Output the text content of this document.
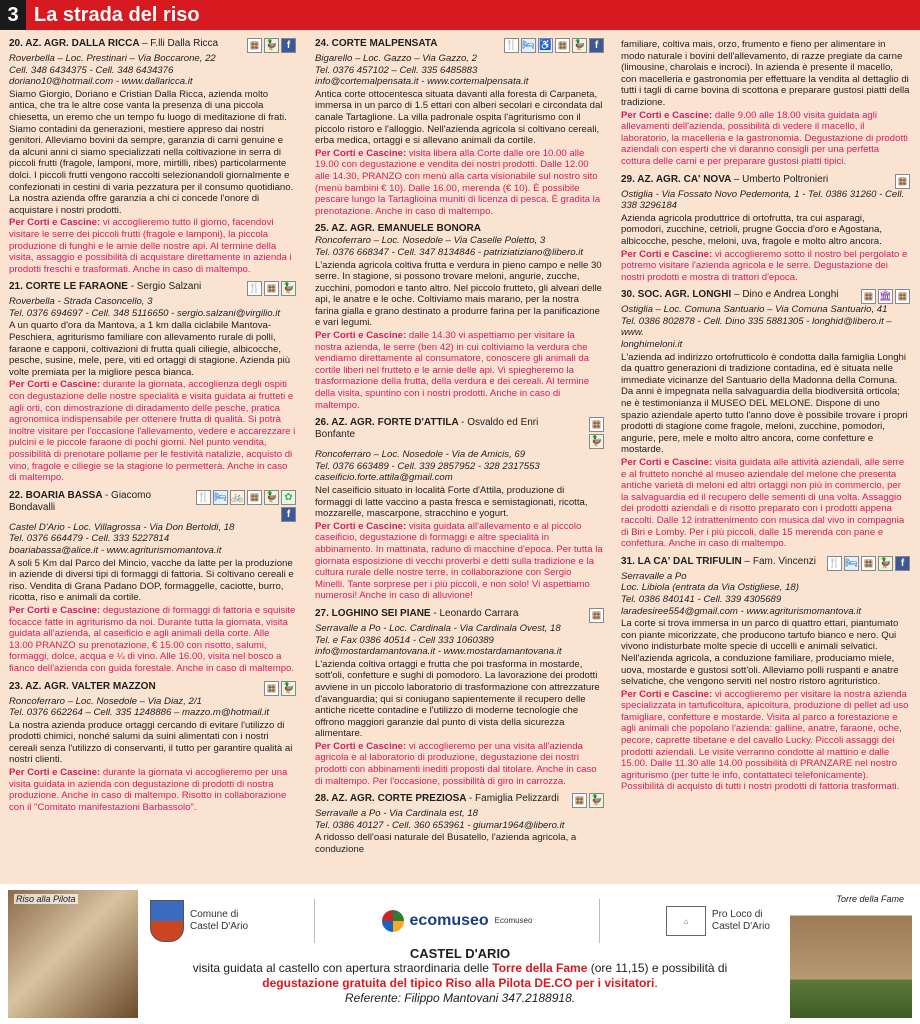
3 La strada del riso
20. AZ. AGR. DALLA RICCA – F.lli Dalla Ricca	▦ 🦆 f
Roverbella – Loc. Prestinari – Via Boccarone, 22
Cell. 348 6434375 - Cell. 348 6434376
doriano10@hotmail.com - www.dallaricca.it
Siamo Giorgio, Doriano e Cristian Dalla Ricca, azienda molto antica, che tra le altre cose vanta la presenza di una piccola chiesetta, un eremo che un tempo fu luogo di meditazione di frati. Siamo contadini da generazioni, mestiere appreso dai nostri genitori. Alleviamo bovini da sempre, garanzia di carni genuine e da alcuni anni ci siamo specializzati nella coltivazione in serra di piccoli frutti (fragole, lamponi, more, mirtilli, ribes) particolarmente dolci. I piccoli frutti vengono raccolti selezionandoli giornalmente e confezionati in cestini di varia pezzatura per il consumo quotidiano. La nostra azienda offre garanzia a chi ci concede l'onore di acquistare i nostri prodotti.
Per Corti e Cascine: vi accoglieremo tutto il giorno, facendovi visitare le serre dei piccoli frutti (fragole e lamponi), la piccola produzione di funghi e le arnie delle nostre api. Al termine della visita, assaggio e possibilità di acquistare direttamente in azienda i prodotti freschi e trasformati. Anche in caso di maltempo.
21. CORTE LE FARAONE - Sergio Salzani	🍴 ▦ 🦆
Roverbella - Strada Casoncello, 3
Tel. 0376 694697 - Cell. 348 5116650 - sergio.salzani@virgilio.it
A un quarto d'ora da Mantova, a 1 km dalla ciclabile Mantova-Peschiera, agriturismo familiare con allevamento rurale di polli, faraone e capponi, coltivazioni di frutta quali ciliegie, albicocche, pesche, susine, mele, pere, viti ed ortaggi di stagione. Azienda più volte premiata per la migliore pesca bianca.
Per Corti e Cascine: durante la giornata, accoglienza degli ospiti con degustazione delle nostre specialità e visita guidata ai frutteti e agli orti, con dimostrazione di diradamento delle pesche, pratica agronomica indispensabile per ottenere frutta di qualità. Si potrà inoltre visitare per l'occasione l'allevamento, vedere e accarezzare i pulcini e le piccole faraone di pochi giorni. Nel punto vendita, possibilità di prenotare pollame per le festività natalizie, acquisto di vino, fragole e ciliegie se la stagione lo permetterà. Anche in caso di maltempo.
22. BOARIA BASSA - Giacomo Bondavalli
🍴 🛏 🚲 ▦ 🦆 ✿
f
Castel D'Ario - Loc. Villagrossa - Via Don Bertoldi, 18
Tel. 0376 664479 - Cell. 333 5227814
boariabassa@alice.it - www.agriturismomantova.it
A soli 5 Km dal Parco del Mincio, vacche da latte per la produzione in aziende di diversi tipi di formaggi di fattoria. Si coltivano cereali e riso. Vendita di Grana Padano DOP, formaggelle, caciotte, burro, ricotta, riso e animali da cortile.
Per Corti e Cascine: degustazione di formaggi di fattoria e squisite focacce fatte in agriturismo da noi. Durante tutta la giornata, visita guidata all'azienda, al caseificio e agli animali della corte. Alle 13.00 PRANZO su prenotazione, € 15.00 con risotto, salumi, formaggi, dolce, acqua e ¼ di vino. Alle 16.00, visita nel bosco a fianco dell'azienda con guida forestale. Anche in caso di maltempo.
23. AZ. AGR. VALTER MAZZON	▦ 🦆
Roncoferraro – Loc. Nosedole – Via Diaz, 2/1
Tel. 0376 662264 – Cell. 335 1248886 – mazzo.m@hotmail.it
La nostra azienda produce ortaggi cercando di evitare l'utilizzo di prodotti chimici, nonché salumi da suini alimentati con i nostri cereali senza l'utilizzo di conservanti, il tutto per garantire qualità ai nostri clienti.
Per Corti e Cascine: durante la giornata vi accoglieremo per una visita guidata in azienda con degustazione di prodotti di nostra produzione. Anche in caso di maltempo. Risotto in collaborazione con il "Comitato manifestazioni Barbassolo".
24. CORTE MALPENSATA	🍴 🛏 ♿ ▦ 🦆 f
Bigarello – Loc. Gazzo – Via Gazzo, 2
Tel. 0376 457102 – Cell. 335 6485883
info@cortemalpensata.it - www.cortemalpensata.it
Antica corte ottocentesca situata davanti alla foresta di Carpaneta, immersa in un parco di 1.5 ettari con alberi secolari e circondata dal canale Tartaglione. La villa padronale ospita l'agriturismo con il piccolo ristoro e l'alloggio. Nell'azienda agricola si coltivano cereali, erba medica, ortaggi e si allevano animali da cortile.
Per Corti e Cascine: visita libera alla Corte dalle ore 10.00 alle 19.00 con degustazione e vendita dei nostri prodotti. Dalle 12.00 alle 14.30, PRANZO con menù alla carta visionabile sul nostro sito (menù bambini € 10). Dalle 16.00, merenda (€ 10). È possibile pescare lungo la Tartaglioina muniti di licenza di pesca. È gradita la prenotazione. Anche in caso di maltempo.
25. AZ. AGR. EMANUELE BONORA
Roncoferraro – Loc. Nosedole – Via Caselle Poletto, 3
Tel. 0376 668347 - Cell. 347 8134846 - patriziatiziano@libero.it
L'azienda agricola coltiva frutta e verdura in pieno campo e nelle 30 serre. In stagione, si possono trovare meloni, angurie, zucche, zucchini, pomodori e tanto altro. Nel piccolo frutteto, gli alveari delle api, le anatre e le oche. Coltiviamo mais marano, per la nostra farina gialla e grano destinato a produrre farina per la panificazione e vari legumi.
Per Corti e Cascine: dalle 14.30 vi aspettiamo per visitare la nostra azienda, le serre (ben 42) in cui coltiviamo la verdura che vendiamo direttamente al consumatore, conoscere gli animali da cortile liberi nel frutteto e le arnie delle api. Vi spiegheremo la trasformazione della frutta, della verdura e dei cereali. Al termine della visita, spuntino con i nostri prodotti. Anche in caso di maltempo.
26. AZ. AGR. FORTE D'ATTILA - Osvaldo ed Enri Bonfante
▦
🦆
Roncoferraro – Loc. Nosedole - Via de Amicis, 69
Tel. 0376 663489 - Cell. 339 2857952 - 328 2317553
caseificio.forte.attila@gmail.com
Nel caseificio situato in località Forte d'Attila, produzione di formaggi di latte vaccino a pasta fresca e semistagionati, ricotta, mozzarelle, mascarpone, stracchino e yogurt.
Per Corti e Cascine: visita guidata all'allevamento e al piccolo caseificio, degustazione di formaggi e altre specialità in abbinamento. In mattinata, raduno di macchine d'epoca. Per tutta la giornata esposizione di vecchi proverbi e detti sulla tradizione e la cultura rurale delle nostre terre, in collaborazione con Sergio Minelli. Tante sorprese per i più piccoli, e non solo! Vi aspettiamo numerosi! Anche in caso di alluvione!
27. LOGHINO SEI PIANE - Leonardo Carrara	▦
Serravalle a Po - Loc. Cardinala - Via Cardinala Ovest, 18
Tel. e Fax 0386 40514 - Cell 333 1060389
info@mostardamantovana.it - www.mostardamantovana.it
L'azienda coltiva ortaggi e frutta che poi trasforma in mostarde, sott'oli, confetture e sughi di pomodoro. La lavorazione dei prodotti avviene in un piccolo laboratorio di trasformazione con attrezzature d'avanguardia; qui si coniugano sapientemente il recupero delle antiche ricette contadine e l'utilizzo di moderne tecnologie che offrono maggiori garanzie dal punto di vista della sicurezza alimentare.
Per Corti e Cascine: vi accoglieremo per una visita all'azienda agricola e al laboratorio di produzione, degustazione dei nostri prodotti con abbinamenti inediti proposti dal titolare. Anche in caso di maltempo. Per l'occasione, possibilità di giro in carrozza.
28. AZ. AGR. CORTE PREZIOSA - Famiglia Pelizzardi ▦ 🦆
Serravalle a Po - Via Cardinala est, 18
Tel. 0386 40127 - Cell. 360 653961 - giumar1964@libero.it
A ridosso dell'oasi naturale del Busatello, l'azienda agricola, a conduzione
familiare, coltiva mais, orzo, frumento e fieno per alimentare in modo naturale i bovini dell'allevamento, di razze pregiate da carne (limousine, charolais e incroci). In azienda è presente il macello, con macelleria e gastronomia per effettuare la vendita al dettaglio di tutti i tagli di carne bovina di scottona e preparare gustosi piatti della tradizione.
Per Corti e Cascine: dalle 9.00 alle 18.00 visita guidata agli allevamenti dell'azienda, possibilità di vedere il macello, il laboratorio, la macelleria e la gastronomia. Degustazione di prodotti aziendali con esperti che vi daranno consigli per una perfetta cottura delle carni e per preparare gustosi piatti tipici.
29. AZ. AGR. CA' NOVA – Umberto Poltronieri	▦
Ostiglia - Via Fossato Novo Pedemonta, 1 - Tel. 0386 31260 - Cell. 338 3296184
Azienda agricola produttrice di ortofrutta, tra cui asparagi, pomodori, zucchine, cetrioli, prugne Goccia d'oro e Agostana, albicocche, pesche, meloni, uva, fragole e molto altro ancora.
Per Corti e Cascine: vi accoglieremo sotto il nostro bel pergolato e potremo visitare l'azienda agricola e le serre. Degustazione dei nostri prodotti e mostra di trattori d'epoca.
30. SOC. AGR. LONGHI – Dino e Andrea Longhi	▦ 🏛 ▦
Ostiglia – Loc. Comuna Santuario – Via Comuna Santuario, 41
Tel. 0386 802878 - Cell. Dino 335 5881305 - longhid@libero.it – www.
longhimeloni.it
L'azienda ad indirizzo ortofrutticolo è condotta dalla famiglia Longhi da quattro generazioni di tradizione contadina, ed è situata nelle immediate vicinanze del Santuario della Madonna della Comuna. Da anni è impegnata nella salvaguardia della biodiversità orticola; ne è testimonianza il MUSEO DEL MELONE. Dispone di uno spazio aziendale aperto tutto l'anno dove è possibile trovare i propri prodotti di stagione come fragole, meloni, zucchine, pomodori, angurie, pere, mele e molto altro ancora, come confetture e mostarde.
Per Corti e Cascine: visita guidata alle attività aziendali, alle serre e al frutteto nonché al museo aziendale del melone che presenta antiche varietà di meloni ed altri ortaggi non più in commercio, per la salvaguardia ed il recupero delle sementi di una volta. Assaggio dei prodotti aziendali e di risotto preparato con i prodotti appena raccolti. Dalle 12 intrattenimento con musica dal vivo in compagnia di Biri e Lomby. Per i più piccoli, dalle 15 merenda con pane e confettura. Anche in caso di maltempo.
31. LA CA' DAL TRIFULIN – Fam. Vincenzi 🍴 🛏 ▦ 🦆 f
Serravalle a Po
Loc. Libiola (entrata da Via Ostigliese, 18)
Tel. 0386 840141 - Cell. 339 4305689
laradesiree554@gmail.com - www.agriturismomantova.it
La corte si trova immersa in un parco di quattro ettari, piantumato con piante micorizzate, che producono tartufo bianco e nero. Qui vivono indisturbate molte specie di uccelli e animali selvatici. Nell'azienda agricola, a conduzione familiare, produciamo miele, uova, mostarde e gustosi sott'oli. Alleviamo polli ruspanti e anatre selvatiche, che vengono serviti nel nostro ristoro agrituristico.
Per Corti e Cascine: vi accoglieremo per visitare la nostra azienda specializzata in tartuficoltura, apicoltura, produzione di pellet ad uso famigliare, confetture e mostarde. Visita al parco a forestazione e agli animali che popolano l'azienda: galline, anatre, faraone, oche, pecore, caprette tibetane e del cavallo Lucky. Piccoli assaggi dei prodotti aziendali. Le visite verranno condotte al mattino e dalle 15.00. Dalle 11.30 alle 14.00 possibilità di PRANZARE nel nostro agriturismo (per tutte le info, contattateci telefonicamente). Possibilità di acquisto di tutti i nostri prodotti di fattoria trasformati.
Riso alla Pilota
Comune di
Castel D'Ario	ecomuseo Ecomuseo	⌂
Pro Loco di
Castel D'Ario
CASTEL D'ARIO
visita guidata al castello con apertura straordinaria delle Torre della Fame (ore 11,15) e possibilità di
degustazione gratuita del tipico Riso alla Pilota DE.CO per i visitatori.
Referente: Filippo Mantovani 347.2188918.
Torre della Fame
